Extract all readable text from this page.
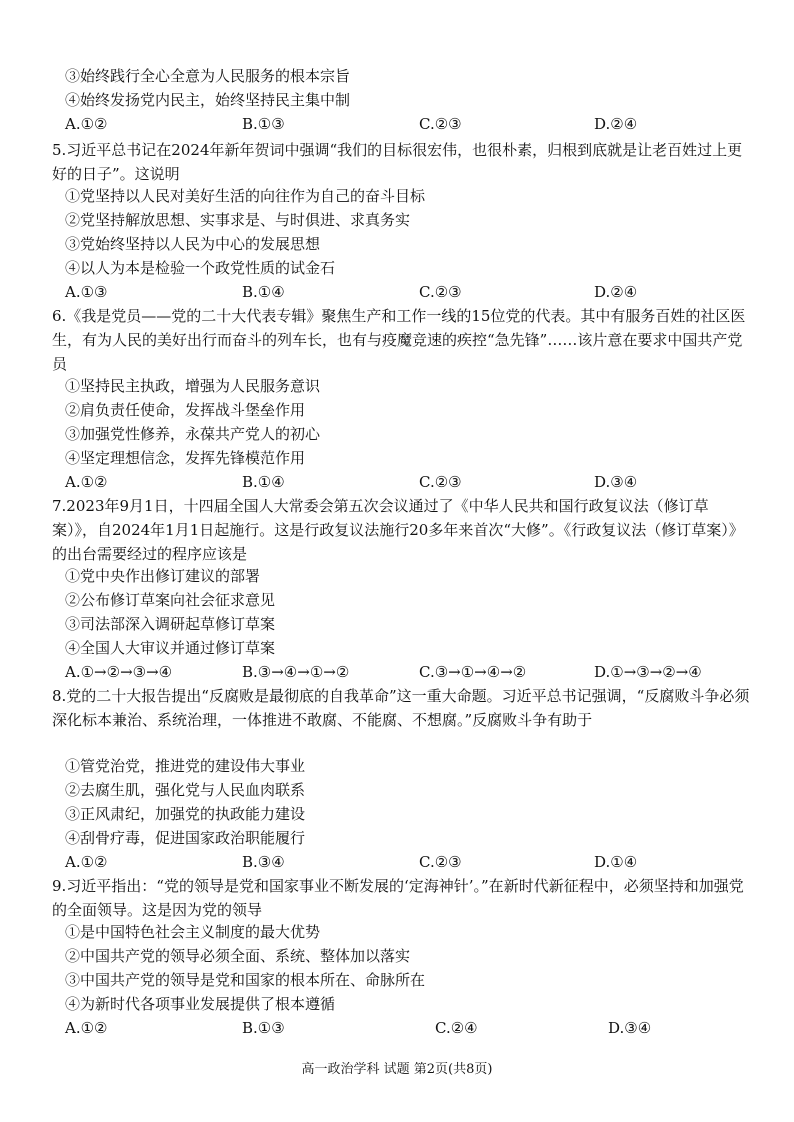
③始终践行全心全意为人民服务的根本宗旨
④始终发扬党内民主，始终坚持民主集中制
A.①②	B.①③	C.②③	D.②④
5.习近平总书记在2024年新年贺词中强调“我们的目标很宏伟，也很朴素，归根到底就是让老百姓过上更好的日子”。这说明
①党坚持以人民对美好生活的向往作为自己的奋斗目标
②党坚持解放思想、实事求是、与时俱进、求真务实
③党始终坚持以人民为中心的发展思想
④以人为本是检验一个政党性质的试金石
A.①③	B.①④	C.②③	D.②④
6.《我是党员——党的二十大代表专辑》聚焦生产和工作一线的15位党的代表。其中有服务百姓的社区医生，有为人民的美好出行而奋斗的列车长，也有与疫魔竞速的疾控“急先锋”……该片意在要求中国共产党员
①坚持民主执政，增强为人民服务意识
②肩负责任使命，发挥战斗堡垒作用
③加强党性修养，永葆共产党人的初心
④坚定理想信念，发挥先锋模范作用
A.①②	B.①④	C.②③	D.③④
7.2023年9月1日，十四届全国人大常委会第五次会议通过了《中华人民共和国行政复议法（修订草案）》，自2024年1月1日起施行。这是行政复议法施行20多年来首次“大修”。《行政复议法（修订草案）》的出台需要经过的程序应该是
①党中央作出修订建议的部署
②公布修订草案向社会征求意见
③司法部深入调研起草修订草案
④全国人大审议并通过修订草案
A.①→②→③→④	B.③→④→①→②	C.③→①→④→②	D.①→③→②→④
8.党的二十大报告提出“反腐败是最彻底的自我革命”这一重大命题。习近平总书记强调，“反腐败斗争必须深化标本兼治、系统治理，一体推进不敢腐、不能腐、不想腐。”反腐败斗争有助于
①管党治党，推进党的建设伟大事业
②去腐生肌，强化党与人民血肉联系
③正风肃纪，加强党的执政能力建设
④刮骨疗毒，促进国家政治职能履行
A.①②	B.③④	C.②③	D.①④
9.习近平指出：“党的领导是党和国家事业不断发展的‘定海神针’。”在新时代新征程中，必须坚持和加强党的全面领导。这是因为党的领导
①是中国特色社会主义制度的最大优势
②中国共产党的领导必须全面、系统、整体加以落实
③中国共产党的领导是党和国家的根本所在、命脉所在
④为新时代各项事业发展提供了根本遵循
A.①②	B.①③	C.②④	D.③④
高一政治学科 试题 第2页(共8页)
